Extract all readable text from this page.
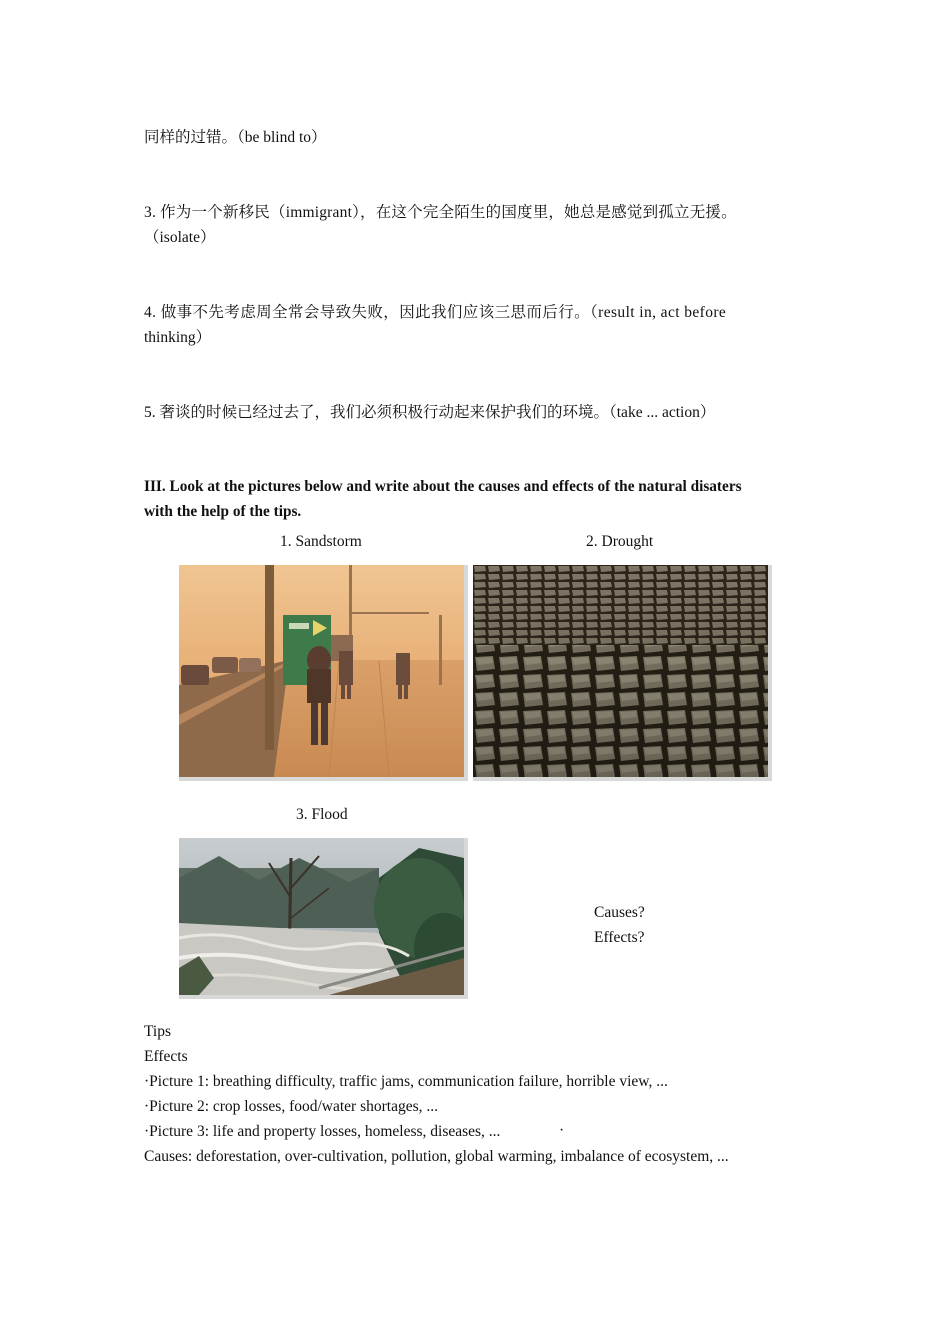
同样的过错。（be blind to）
3. 作为一个新移民（immigrant），在这个完全陌生的国度里，她总是感觉到孤立无援。
（isolate）
4. 做事不先考虑周全常会导致失败，因此我们应该三思而后行。（result in, act before
thinking）
5. 奢谈的时候已经过去了，我们必须积极行动起来保护我们的环境。（take ... action）
III. Look at the pictures below and write about the causes and effects of the natural disaters
with the help of the tips.
1. Sandstorm	2. Drought
3. Flood
Causes?
Effects?
Tips
Effects
·Picture 1: breathing difficulty, traffic jams, communication failure, horrible view, ...
·Picture 2: crop losses, food/water shortages, ...
·Picture 3: life and property losses, homeless, diseases, ...	·
Causes: deforestation, over-cultivation, pollution, global warming, imbalance of ecosystem, ...
